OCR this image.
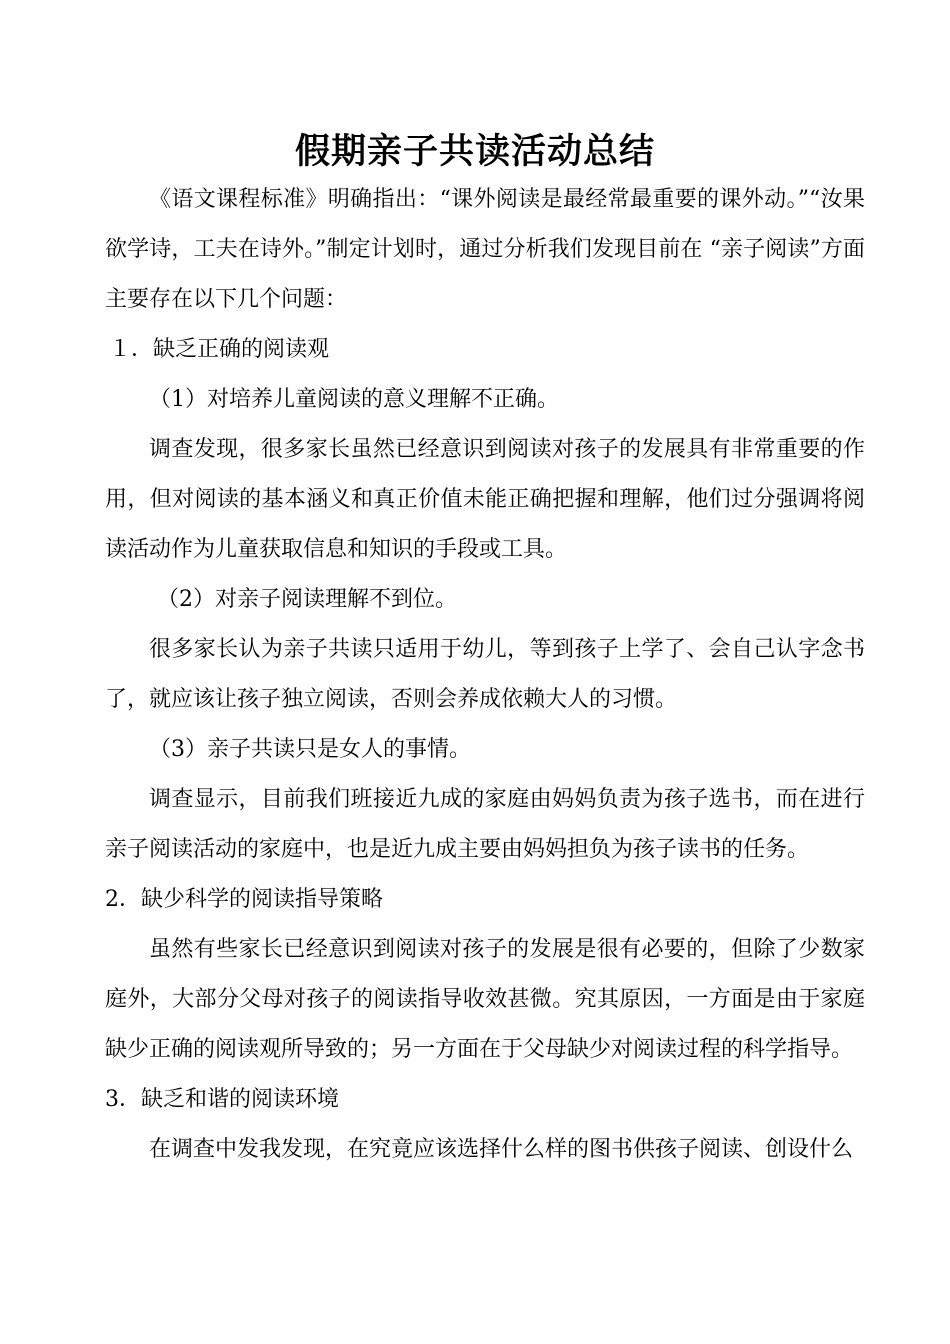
假期亲子共读活动总结

《语文课程标准》明确指出：“课外阅读是最经常最重要的课外动。”“汝果欲学诗，工夫在诗外。”制定计划时，通过分析我们发现目前在 “亲子阅读”方面主要存在以下几个问题：

１．缺乏正确的阅读观

（1）对培养儿童阅读的意义理解不正确。

调查发现，很多家长虽然已经意识到阅读对孩子的发展具有非常重要的作用，但对阅读的基本涵义和真正价值未能正确把握和理解，他们过分强调将阅读活动作为儿童获取信息和知识的手段或工具。

（2）对亲子阅读理解不到位。

很多家长认为亲子共读只适用于幼儿，等到孩子上学了、会自己认字念书了，就应该让孩子独立阅读，否则会养成依赖大人的习惯。

（3）亲子共读只是女人的事情。

调查显示，目前我们班接近九成的家庭由妈妈负责为孩子选书，而在进行亲子阅读活动的家庭中，也是近九成主要由妈妈担负为孩子读书的任务。

2．缺少科学的阅读指导策略

虽然有些家长已经意识到阅读对孩子的发展是很有必要的，但除了少数家庭外，大部分父母对孩子的阅读指导收效甚微。究其原因，一方面是由于家庭缺少正确的阅读观所导致的；另一方面在于父母缺少对阅读过程的科学指导。

3．缺乏和谐的阅读环境

在调查中发我发现，在究竟应该选择什么样的图书供孩子阅读、创设什么
